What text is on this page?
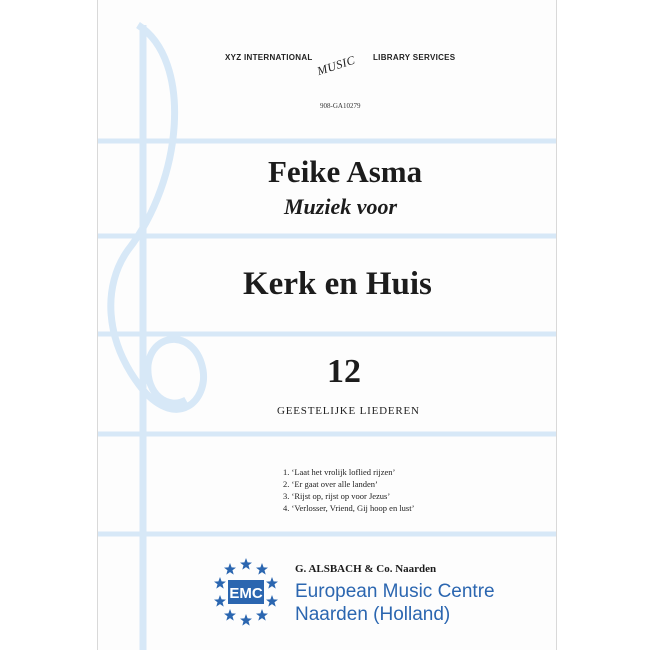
XYZ INTERNATIONAL MUSIC LIBRARY SERVICES
908-GA10279
Feike Asma
Muziek voor
Kerk en Huis
12
GEESTELIJKE LIEDEREN
1. ‘Laat het vrolijk loflied rijzen’
2. ‘Er gaat over alle landen’
3. ‘Rijst op, rijst op voor Jezus’
4. ‘Verlosser, Vriend, Gij hoop en lust’
EMC
G. ALSBACH & Co. Naarden
European Music Centre
Naarden (Holland)
